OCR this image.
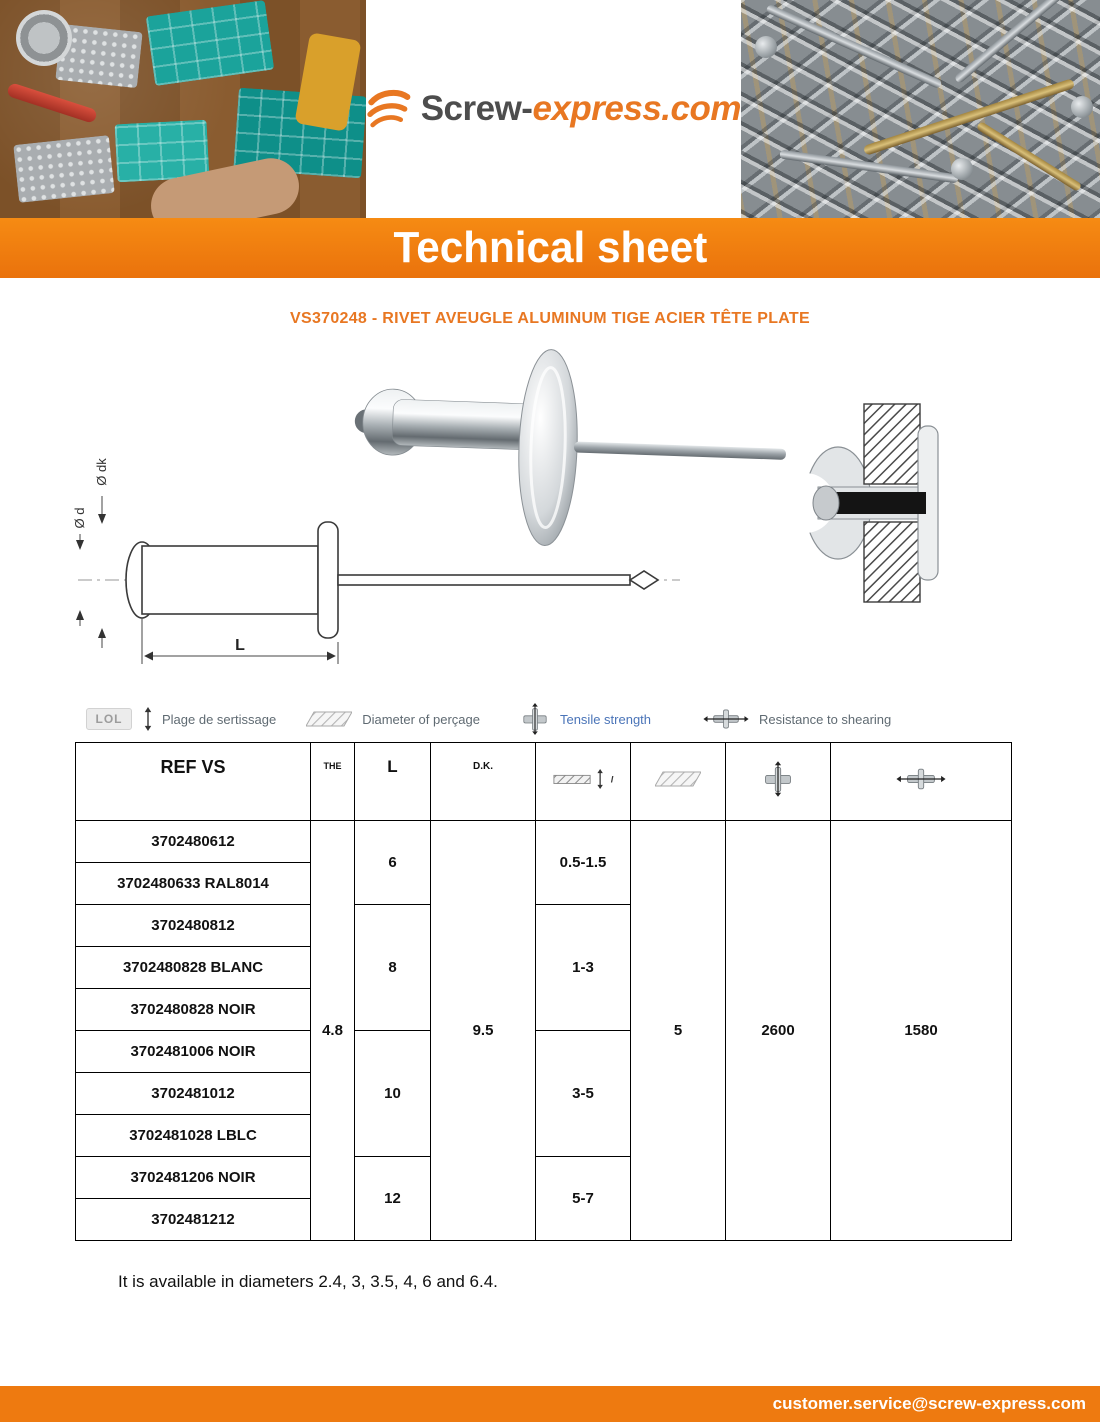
Screw-express.com
Technical sheet
VS370248 - RIVET AVEUGLE ALUMINUM TIGE ACIER TÊTE PLATE
Ø dk
Ø d
L
LOL	Plage de sertissage	Diameter of perçage	Tensile strength	Resistance to shearing
REF VS	THE	L	D.K.	$^l$			
3702480612	4.8	6	9.5	0.5-1.5	5	2600	1580
3702480633 RAL8014							
3702480812		8		1-3			
3702480828 BLANC							
3702480828 NOIR							
3702481006 NOIR		10		3-5			
3702481012							
3702481028 LBLC							
3702481206 NOIR		12		5-7			
3702481212							
It is available in diameters 2.4, 3, 3.5, 4, 6 and 6.4.
customer.service@screw-express.com
